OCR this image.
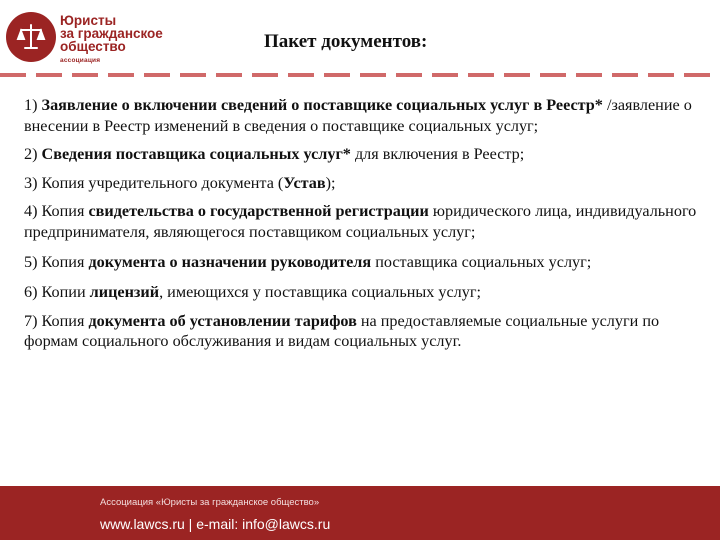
Юристы
за гражданское
общество
ассоциация
Пакет документов:
1) Заявление о включении сведений о поставщике социальных услуг в Реестр* /заявление о внесении в Реестр изменений в сведения о поставщике социальных услуг;
2) Сведения поставщика социальных услуг* для включения в Реестр;
3) Копия учредительного документа (Устав);
4) Копия свидетельства о государственной регистрации юридического лица, индивидуального предпринимателя, являющегося поставщиком социальных услуг;
5) Копия документа о назначении руководителя поставщика социальных услуг;
6) Копии лицензий, имеющихся у поставщика социальных услуг;
7) Копия документа об установлении тарифов на предоставляемые социальные услуги по формам социального обслуживания и видам социальных услуг.
Ассоциация «Юристы за гражданское общество»
www.lawcs.ru | e-mail: info@lawcs.ru
